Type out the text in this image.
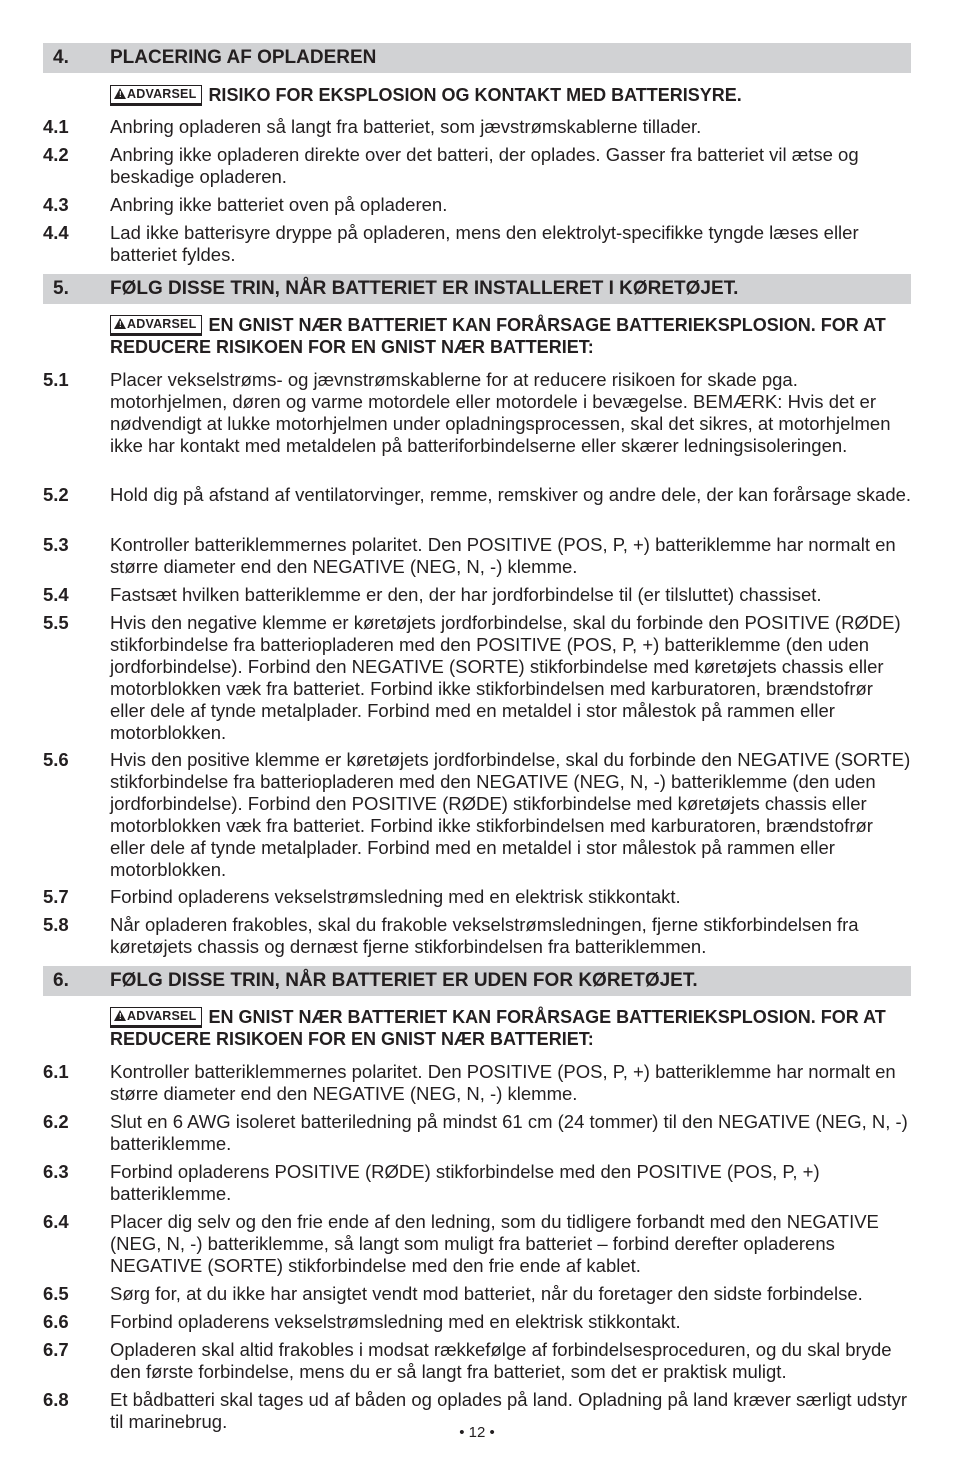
4. PLACERING AF OPLADEREN
! ADVARSEL RISIKO FOR EKSPLOSION OG KONTAKT MED BATTERISYRE.
4.1 Anbring opladeren så langt fra batteriet, som jævstrømskablerne tillader.
4.2 Anbring ikke opladeren direkte over det batteri, der oplades. Gasser fra batteriet vil ætse og beskadige opladeren.
4.3 Anbring ikke batteriet oven på opladeren.
4.4 Lad ikke batterisyre dryppe på opladeren, mens den elektrolyt-specifikke tyngde læses eller batteriet fyldes.
5. FØLG DISSE TRIN, NÅR BATTERIET ER INSTALLERET I KØRETØJET.
! ADVARSEL EN GNIST NÆR BATTERIET KAN FORÅRSAGE BATTERIEKSPLOSION. FOR AT REDUCERE RISIKOEN FOR EN GNIST NÆR BATTERIET:
5.1 Placer vekselstrøms- og jævnstrømskablerne for at reducere risikoen for skade pga. motorhjelmen, døren og varme motordele eller motordele i bevægelse. BEMÆRK: Hvis det er nødvendigt at lukke motorhjelmen under opladningsprocessen, skal det sikres, at motorhjelmen ikke har kontakt med metaldelen på batteriforbindelserne eller skærer ledningsisoleringen.
5.2 Hold dig på afstand af ventilatorvinger, remme, remskiver og andre dele, der kan forårsage skade.
5.3 Kontroller batteriklemmernes polaritet. Den POSITIVE (POS, P, +) batteriklemme har normalt en større diameter end den NEGATIVE (NEG, N, -) klemme.
5.4 Fastsæt hvilken batteriklemme er den, der har jordforbindelse til (er tilsluttet) chassiset.
5.5 Hvis den negative klemme er køretøjets jordforbindelse, skal du forbinde den POSITIVE (RØDE) stikforbindelse fra batteriopladeren med den POSITIVE (POS, P, +) batteriklemme (den uden jordforbindelse). Forbind den NEGATIVE (SORTE) stikforbindelse med køretøjets chassis eller motorblokken væk fra batteriet. Forbind ikke stikforbindelsen med karburatoren, brændstofrør eller dele af tynde metalplader. Forbind med en metaldel i stor målestok på rammen eller motorblokken.
5.6 Hvis den positive klemme er køretøjets jordforbindelse, skal du forbinde den NEGATIVE (SORTE) stikforbindelse fra batteriopladeren med den NEGATIVE (NEG, N, -) batteriklemme (den uden jordforbindelse). Forbind den POSITIVE (RØDE) stikforbindelse med køretøjets chassis eller motorblokken væk fra batteriet. Forbind ikke stikforbindelsen med karburatoren, brændstofrør eller dele af tynde metalplader. Forbind med en metaldel i stor målestok på rammen eller motorblokken.
5.7 Forbind opladerens vekselstrømsledning med en elektrisk stikkontakt.
5.8 Når opladeren frakobles, skal du frakoble vekselstrømsledningen, fjerne stikforbindelsen fra køretøjets chassis og dernæst fjerne stikforbindelsen fra batteriklemmen.
6. FØLG DISSE TRIN, NÅR BATTERIET ER UDEN FOR KØRETØJET.
! ADVARSEL EN GNIST NÆR BATTERIET KAN FORÅRSAGE BATTERIEKSPLOSION. FOR AT REDUCERE RISIKOEN FOR EN GNIST NÆR BATTERIET:
6.1 Kontroller batteriklemmernes polaritet. Den POSITIVE (POS, P, +) batteriklemme har normalt en større diameter end den NEGATIVE (NEG, N, -) klemme.
6.2 Slut en 6 AWG isoleret batteriledning på mindst 61 cm (24 tommer) til den NEGATIVE (NEG, N, -) batteriklemme.
6.3 Forbind opladerens POSITIVE (RØDE) stikforbindelse med den POSITIVE (POS, P, +) batteriklemme.
6.4 Placer dig selv og den frie ende af den ledning, som du tidligere forbandt med den NEGATIVE (NEG, N, -) batteriklemme, så langt som muligt fra batteriet – forbind derefter opladerens NEGATIVE (SORTE) stikforbindelse med den frie ende af kablet.
6.5 Sørg for, at du ikke har ansigtet vendt mod batteriet, når du foretager den sidste forbindelse.
6.6 Forbind opladerens vekselstrømsledning med en elektrisk stikkontakt.
6.7 Opladeren skal altid frakobles i modsat rækkefølge af forbindelsesproceduren, og du skal bryde den første forbindelse, mens du er så langt fra batteriet, som det er praktisk muligt.
6.8 Et bådbatteri skal tages ud af båden og oplades på land. Opladning på land kræver særligt udstyr til marinebrug.
• 12 •
